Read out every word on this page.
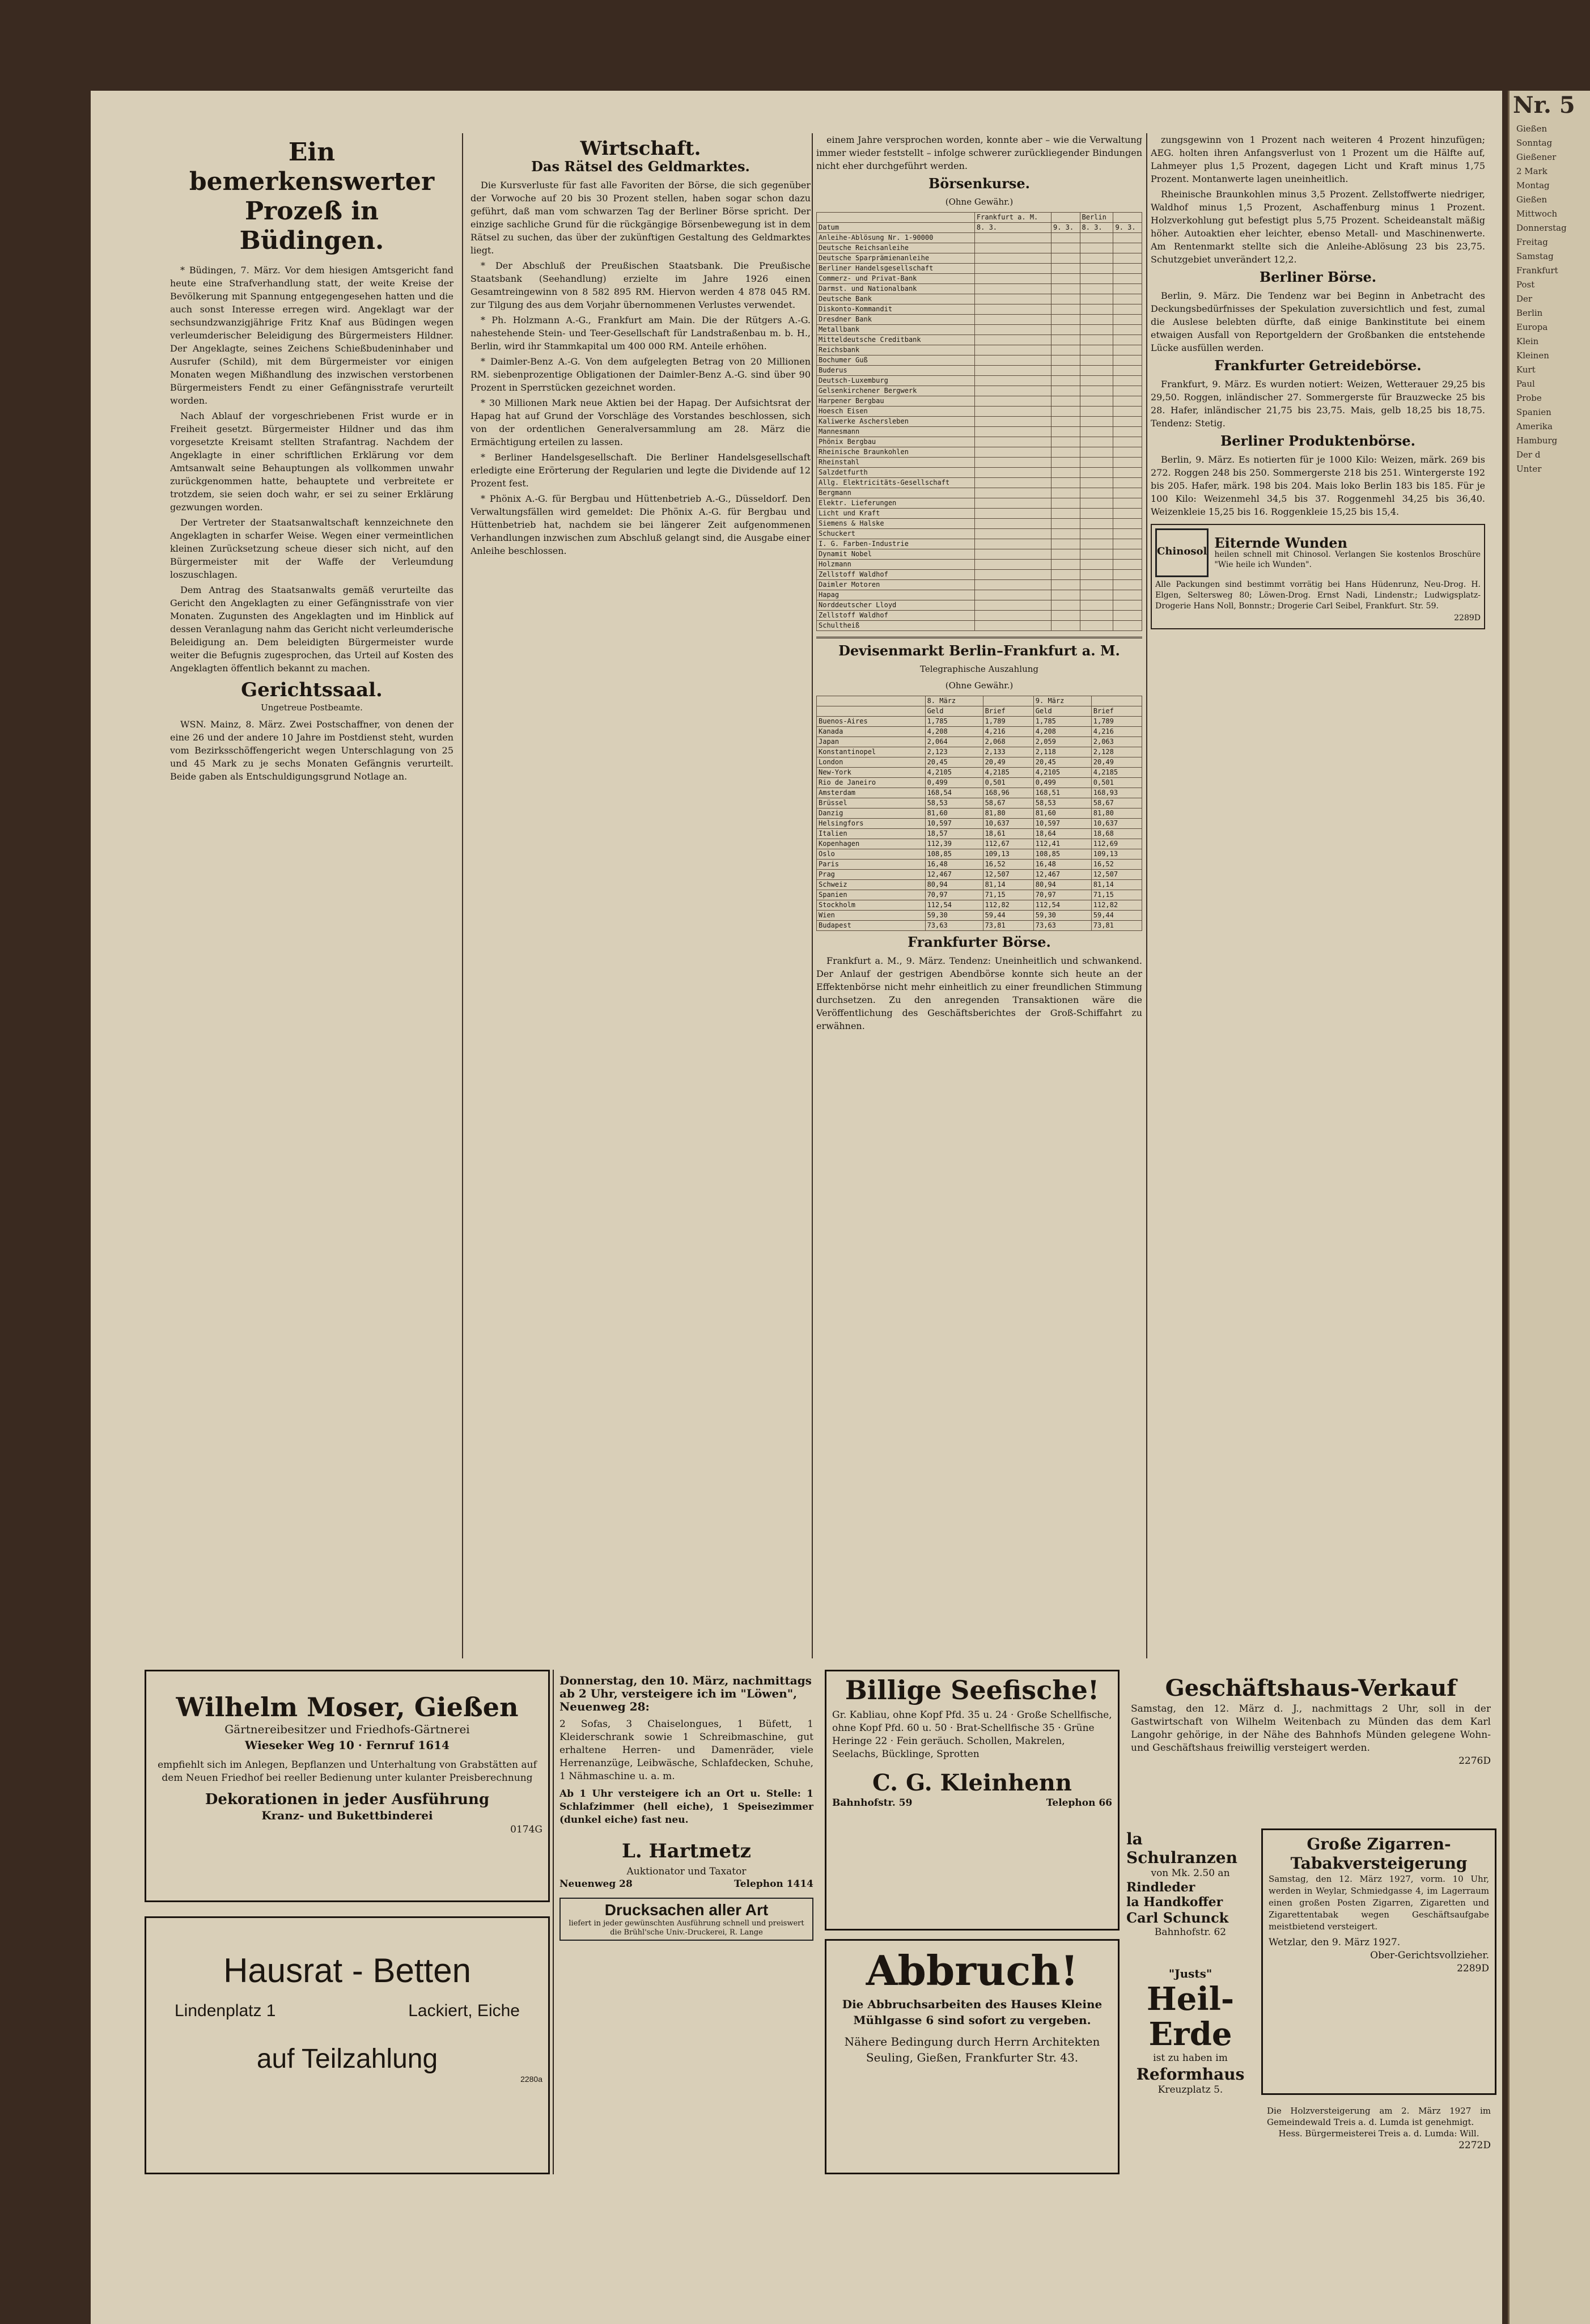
Ein bemerkenswerter Prozeß in Büdingen.

* Büdingen, 7. März. Vor dem hiesigen Amtsgericht fand heute eine Strafverhandlung statt, der weite Kreise der Bevölkerung mit Spannung entgegengesehen hatten und die auch sonst Interesse erregen wird. Angeklagt war der sechsundzwanzigjährige Fritz Knaf aus Büdingen wegen verleumderischer Beleidigung des Bürgermeisters Hildner. Der Angeklagte, seines Zeichens Schießbudeninhaber und Ausrufer (Schild), mit dem Bürgermeister vor einigen Monaten wegen Mißhandlung des inzwischen verstorbenen Bürgermeisters Fendt zu einer Gefängnisstrafe verurteilt worden.

Nach Ablauf der vorgeschriebenen Frist wurde er in Freiheit gesetzt. Bürgermeister Hildner und das ihm vorgesetzte Kreisamt stellten Strafantrag. Nachdem der Angeklagte in einer schriftlichen Erklärung vor dem Amtsanwalt seine Behauptungen als vollkommen unwahr zurückgenommen hatte, behauptete und verbreitete er trotzdem, sie seien doch wahr, er sei zu seiner Erklärung gezwungen worden.

Der Vertreter der Staatsanwaltschaft kennzeichnete den Angeklagten in scharfer Weise. Wegen einer vermeintlichen kleinen Zurücksetzung scheue dieser sich nicht, auf den Bürgermeister mit der Waffe der Verleumdung loszuschlagen.

Dem Antrag des Staatsanwalts gemäß verurteilte das Gericht den Angeklagten zu einer Gefängnisstrafe von vier Monaten. Zugunsten des Angeklagten und im Hinblick auf dessen Veranlagung nahm das Gericht nicht verleumderische Beleidigung an. Dem beleidigten Bürgermeister wurde weiter die Befugnis zugesprochen, das Urteil auf Kosten des Angeklagten öffentlich bekannt zu machen.

Gerichtssaal.
Ungetreue Postbeamte.

WSN. Mainz, 8. März. Zwei Postschaffner, von denen der eine 26 und der andere 10 Jahre im Postdienst steht, wurden vom Bezirksschöffengericht wegen Unterschlagung von 25 und 45 Mark zu je sechs Monaten Gefängnis verurteilt. Beide gaben als Entschuldigungsgrund Notlage an.

Wirtschaft.
Das Rätsel des Geldmarktes.

Die Kursverluste für fast alle Favoriten der Börse, die sich gegenüber der Vorwoche auf 20 bis 30 Prozent stellen, haben sogar schon dazu geführt, daß man vom schwarzen Tag der Berliner Börse spricht. Der einzige sachliche Grund für die rückgängige Börsenbewegung ist in dem Rätsel zu suchen, das über der zukünftigen Gestaltung des Geldmarktes liegt.

* Der Abschluß der Preußischen Staatsbank. Die Preußische Staatsbank (Seehandlung) erzielte im Jahre 1926 einen Gesamtreingewinn von 8 582 895 RM. Hiervon werden 4 878 045 RM. zur Tilgung des aus dem Vorjahr übernommenen Verlustes verwendet.

* Ph. Holzmann A.-G., Frankfurt am Main. Die der Rütgers A.-G. nahestehende Stein- und Teer-Gesellschaft für Landstraßenbau m. b. H., Berlin, wird ihr Stammkapital um 400 000 RM. Anteile erhöhen.

* Daimler-Benz A.-G. Von dem aufgelegten Betrag von 20 Millionen RM. siebenprozentige Obligationen der Daimler-Benz A.-G. sind über 90 Prozent in Sperrstücken gezeichnet worden.

* 30 Millionen Mark neue Aktien bei der Hapag. Der Aufsichtsrat der Hapag hat auf Grund der Vorschläge des Vorstandes beschlossen, sich von der ordentlichen Generalversammlung am 28. März die Ermächtigung erteilen zu lassen.

* Berliner Handelsgesellschaft. Die Berliner Handelsgesellschaft erledigte eine Erörterung der Regularien und legte die Dividende auf 12 Prozent fest.

* Phönix A.-G. für Bergbau und Hüttenbetrieb A.-G., Düsseldorf. Den Verwaltungsfällen wird gemeldet: Die Phönix A.-G. für Bergbau und Hüttenbetrieb hat, nachdem sie bei längerer Zeit aufgenommenen Verhandlungen inzwischen zum Abschluß gelangt sind, die Ausgabe einer Anleihe beschlossen.

einem Jahre versprochen worden, konnte aber – wie die Verwaltung immer wieder feststellt – infolge schwerer zurückliegender Bindungen nicht eher durchgeführt werden.

Börsenkurse.
(Ohne Gewähr.)
	Frankfurt a. M.		Berlin	
Datum	8. 3.	9. 3.	8. 3.	9. 3.
Anleihe-Ablösung Nr. 1-90000				
Deutsche Reichsanleihe				
Deutsche Sparprämienanleihe				
Berliner Handelsgesellschaft				
Commerz- und Privat-Bank				
Darmst. und Nationalbank				
Deutsche Bank				
Diskonto-Kommandit				
Dresdner Bank				
Metallbank				
Mitteldeutsche Creditbank				
Reichsbank				
Bochumer Guß				
Buderus				
Deutsch-Luxemburg				
Gelsenkirchener Bergwerk				
Harpener Bergbau				
Hoesch Eisen				
Kaliwerke Aschersleben				
Mannesmann				
Phönix Bergbau				
Rheinische Braunkohlen				
Rheinstahl				
Salzdetfurth				
Allg. Elektricitäts-Gesellschaft				
Bergmann				
Elektr. Lieferungen				
Licht und Kraft				
Siemens & Halske				
Schuckert				
I. G. Farben-Industrie				
Dynamit Nobel				
Holzmann				
Zellstoff Waldhof				
Daimler Motoren				
Hapag				
Norddeutscher Lloyd				
Zellstoff Waldhof				
Schultheiß				
Devisenmarkt Berlin–Frankfurt a. M.
Telegraphische Auszahlung
(Ohne Gewähr.)
	8. März		9. März	
	Geld	Brief	Geld	Brief
Buenos-Aires	1,785	1,789	1,785	1,789
Kanada	4,208	4,216	4,208	4,216
Japan	2,064	2,068	2,059	2,063
Konstantinopel	2,123	2,133	2,118	2,128
London	20,45	20,49	20,45	20,49
New-York	4,2105	4,2185	4,2105	4,2185
Rio de Janeiro	0,499	0,501	0,499	0,501
Amsterdam	168,54	168,96	168,51	168,93
Brüssel	58,53	58,67	58,53	58,67
Danzig	81,60	81,80	81,60	81,80
Helsingfors	10,597	10,637	10,597	10,637
Italien	18,57	18,61	18,64	18,68
Kopenhagen	112,39	112,67	112,41	112,69
Oslo	108,85	109,13	108,85	109,13
Paris	16,48	16,52	16,48	16,52
Prag	12,467	12,507	12,467	12,507
Schweiz	80,94	81,14	80,94	81,14
Spanien	70,97	71,15	70,97	71,15
Stockholm	112,54	112,82	112,54	112,82
Wien	59,30	59,44	59,30	59,44
Budapest	73,63	73,81	73,63	73,81
Frankfurter Börse.

Frankfurt a. M., 9. März. Tendenz: Uneinheitlich und schwankend. Der Anlauf der gestrigen Abendbörse konnte sich heute an der Effektenbörse nicht mehr einheitlich zu einer freundlichen Stimmung durchsetzen. Zu den anregenden Transaktionen wäre die Veröffentlichung des Geschäftsberichtes der Groß-Schiffahrt zu erwähnen.

zungsgewinn von 1 Prozent nach weiteren 4 Prozent hinzufügen; AEG. holten ihren Anfangsverlust von 1 Prozent um die Hälfte auf, Lahmeyer plus 1,5 Prozent, dagegen Licht und Kraft minus 1,75 Prozent. Montanwerte lagen uneinheitlich.

Rheinische Braunkohlen minus 3,5 Prozent. Zellstoffwerte niedriger, Waldhof minus 1,5 Prozent, Aschaffenburg minus 1 Prozent. Holzverkohlung gut befestigt plus 5,75 Prozent. Scheideanstalt mäßig höher. Autoaktien eher leichter, ebenso Metall- und Maschinenwerte. Am Rentenmarkt stellte sich die Anleihe-Ablösung 23 bis 23,75. Schutzgebiet unverändert 12,2.

Berliner Börse.

Berlin, 9. März. Die Tendenz war bei Beginn in Anbetracht des Deckungsbedürfnisses der Spekulation zuversichtlich und fest, zumal die Auslese belebten dürfte, daß einige Bankinstitute bei einem etwaigen Ausfall von Reportgeldern der Großbanken die entstehende Lücke ausfüllen werden.

Frankfurter Getreidebörse.

Frankfurt, 9. März. Es wurden notiert: Weizen, Wetterauer 29,25 bis 29,50. Roggen, inländischer 27. Sommergerste für Brauzwecke 25 bis 28. Hafer, inländischer 21,75 bis 23,75. Mais, gelb 18,25 bis 18,75. Tendenz: Stetig.

Berliner Produktenbörse.

Berlin, 9. März. Es notierten für je 1000 Kilo: Weizen, märk. 269 bis 272. Roggen 248 bis 250. Sommergerste 218 bis 251. Wintergerste 192 bis 205. Hafer, märk. 198 bis 204. Mais loko Berlin 183 bis 185. Für je 100 Kilo: Weizenmehl 34,5 bis 37. Roggenmehl 34,25 bis 36,40. Weizenkleie 15,25 bis 16. Roggenkleie 15,25 bis 15,4.

Chinosol
Eiternde Wunden
heilen schnell mit Chinosol. Verlangen Sie kostenlos Broschüre "Wie heile ich Wunden".
Alle Packungen sind bestimmt vorrätig bei Hans Hüdenrunz, Neu-Drog. H. Elgen, Seltersweg 80; Löwen-Drog. Ernst Nadi, Lindenstr.; Ludwigsplatz-Drogerie Hans Noll, Bonnstr.; Drogerie Carl Seibel, Frankfurt. Str. 59.
2289D
Wilhelm Moser, Gießen
Gärtnereibesitzer und Friedhofs-Gärtnerei
Wieseker Weg 10 · Fernruf 1614
empfiehlt sich im Anlegen, Bepflanzen und Unterhaltung von Grabstätten auf dem Neuen Friedhof bei reeller Bedienung unter kulanter Preisberechnung
Dekorationen in jeder Ausführung
Kranz- und Bukettbinderei
0174G
Hausrat - Betten
Lindenplatz 1	Lackiert, Eiche
auf Teilzahlung
2280a
Donnerstag, den 10. März, nachmittags ab 2 Uhr, versteigere ich im "Löwen", Neuenweg 28:
2 Sofas, 3 Chaiselongues, 1 Büfett, 1 Kleiderschrank sowie 1 Schreibmaschine, gut erhaltene Herren- und Damenräder, viele Herrenanzüge, Leibwäsche, Schlafdecken, Schuhe, 1 Nähmaschine u. a. m.
Ab 1 Uhr versteigere ich an Ort u. Stelle: 1 Schlafzimmer (hell eiche), 1 Speisezimmer (dunkel eiche) fast neu.
L. Hartmetz
Auktionator und Taxator
Neuenweg 28	Telephon 1414
Drucksachen aller Art
liefert in jeder gewünschten Ausführung schnell und preiswert die Brühl'sche Univ.-Druckerei, R. Lange
Billige Seefische!
Gr. Kabliau, ohne Kopf Pfd. 35 u. 24 · Große Schellfische, ohne Kopf Pfd. 60 u. 50 · Brat-Schellfische 35 · Grüne Heringe 22 · Fein geräuch. Schollen, Makrelen, Seelachs, Bücklinge, Sprotten
C. G. Kleinhenn
Bahnhofstr. 59	Telephon 66
Abbruch!
Die Abbruchsarbeiten des Hauses Kleine Mühlgasse 6 sind sofort zu vergeben.
Nähere Bedingung durch Herrn Architekten Seuling, Gießen, Frankfurter Str. 43.
Geschäftshaus-Verkauf
Samstag, den 12. März d. J., nachmittags 2 Uhr, soll in der Gastwirtschaft von Wilhelm Weitenbach zu Münden das dem Karl Langohr gehörige, in der Nähe des Bahnhofs Münden gelegene Wohn- und Geschäftshaus freiwillig versteigert werden.
2276D
la Schulranzen
von Mk. 2.50 an
Rindleder
la Handkoffer
Carl Schunck
Bahnhofstr. 62
"Justs"
Heil-Erde
ist zu haben im
Reformhaus
Kreuzplatz 5.
Große Zigarren-Tabakversteigerung
Samstag, den 12. März 1927, vorm. 10 Uhr, werden in Weylar, Schmiedgasse 4, im Lagerraum einen großen Posten Zigarren, Zigaretten und Zigarettentabak wegen Geschäftsaufgabe meistbietend versteigert.
Wetzlar, den 9. März 1927.
Ober-Gerichtsvollzieher.
2289D
Die Holzversteigerung am 2. März 1927 im Gemeindewald Treis a. d. Lumda ist genehmigt.
Hess. Bürgermeisterei Treis a. d. Lumda: Will.
2272D
Nr. 5
Gießen
Sonntag
Gießener
2 Mark
Montag
Gießen
Mittwoch
Donnerstag
Freitag
Samstag
Frankfurt
Post
Der
Berlin
Europa
Klein
Kleinen
Kurt
Paul
Probe
Spanien
Amerika
Hamburg
Der d
Unter
